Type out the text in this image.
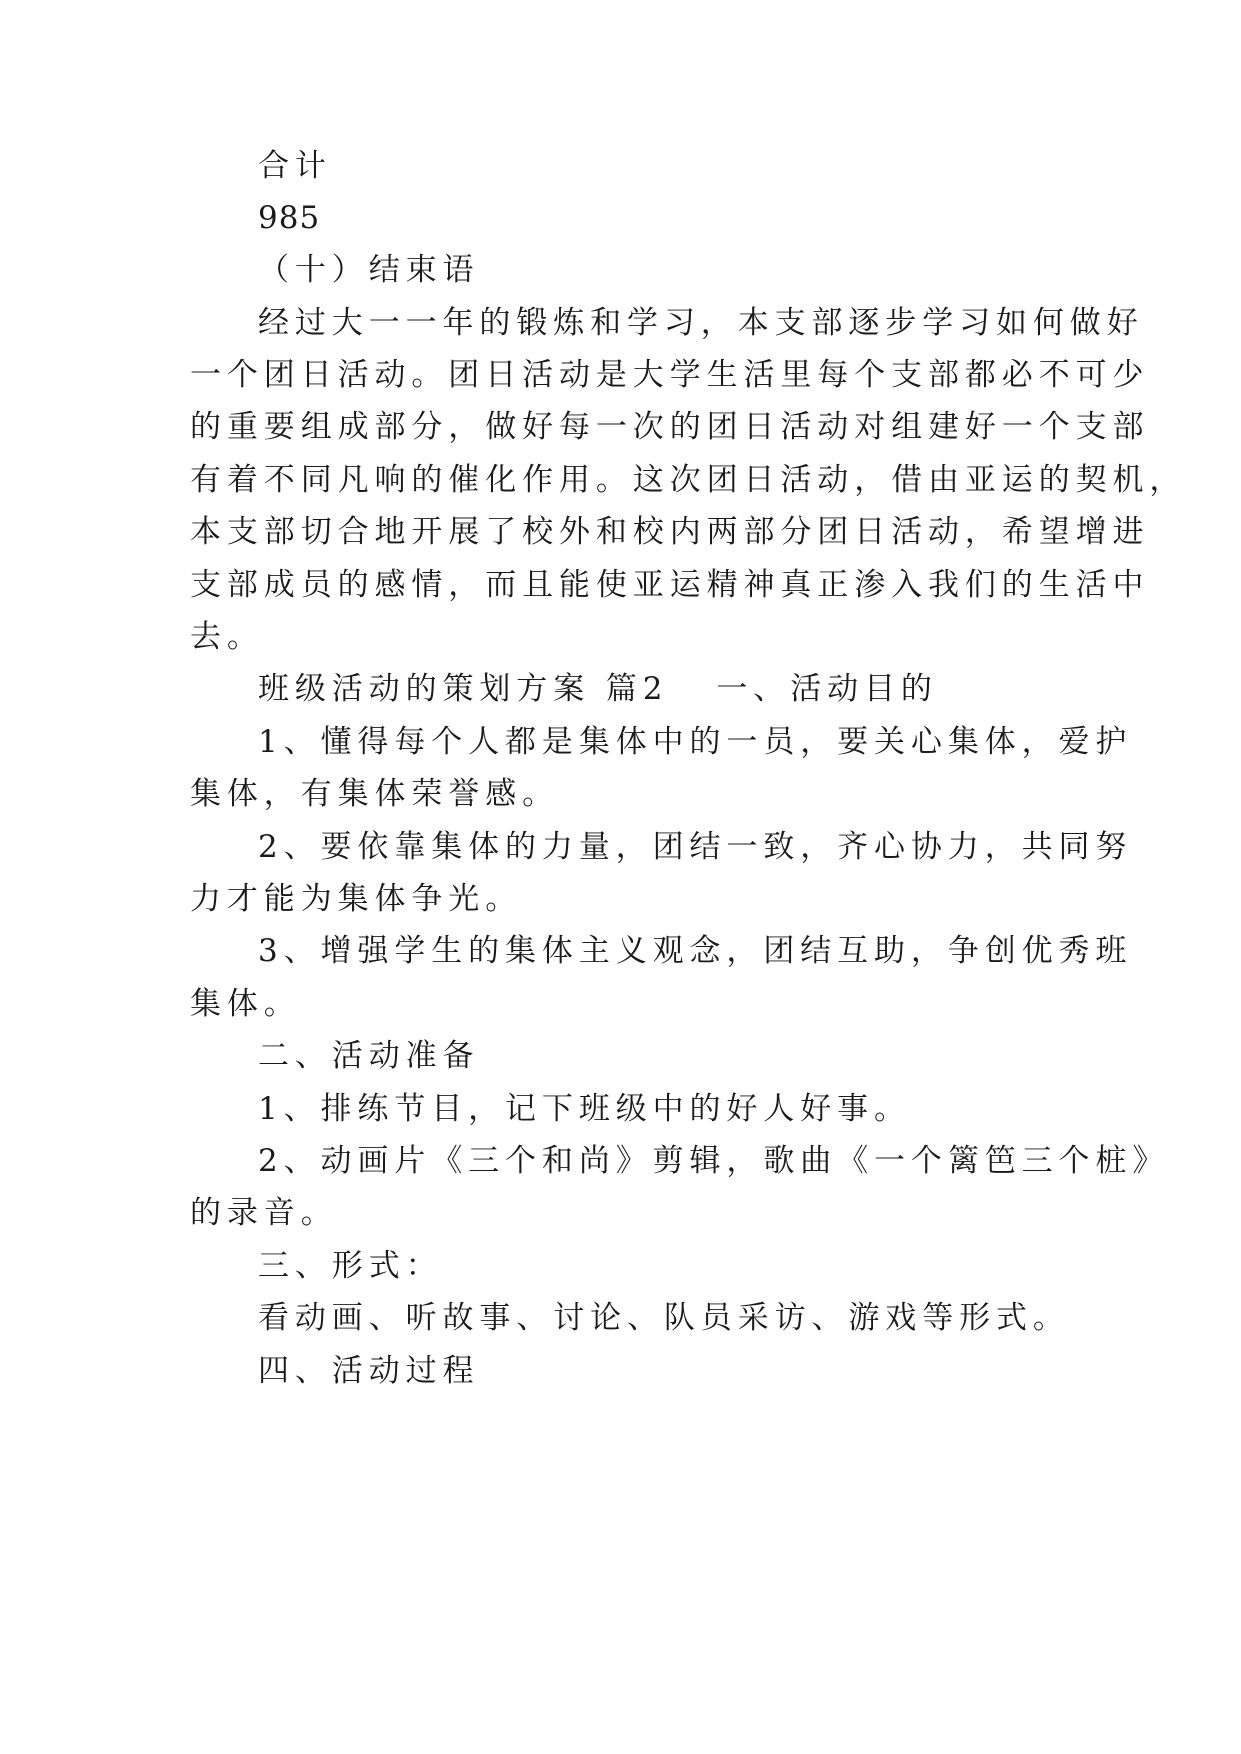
合计
985
（十）结束语
经过大一一年的锻炼和学习，本支部逐步学习如何做好
一个团日活动。团日活动是大学生活里每个支部都必不可少
的重要组成部分，做好每一次的团日活动对组建好一个支部
有着不同凡响的催化作用。这次团日活动，借由亚运的契机，
本支部切合地开展了校外和校内两部分团日活动，希望增进
支部成员的感情，而且能使亚运精神真正渗入我们的生活中
去。
班级活动的策划方案 篇2 一、活动目的
1、懂得每个人都是集体中的一员，要关心集体，爱护
集体，有集体荣誉感。
2、要依靠集体的力量，团结一致，齐心协力，共同努
力才能为集体争光。
3、增强学生的集体主义观念，团结互助，争创优秀班
集体。
二、活动准备
1、排练节目，记下班级中的好人好事。
2、动画片《三个和尚》剪辑，歌曲《一个篱笆三个桩》
的录音。
三、形式：
看动画、听故事、讨论、队员采访、游戏等形式。
四、活动过程
